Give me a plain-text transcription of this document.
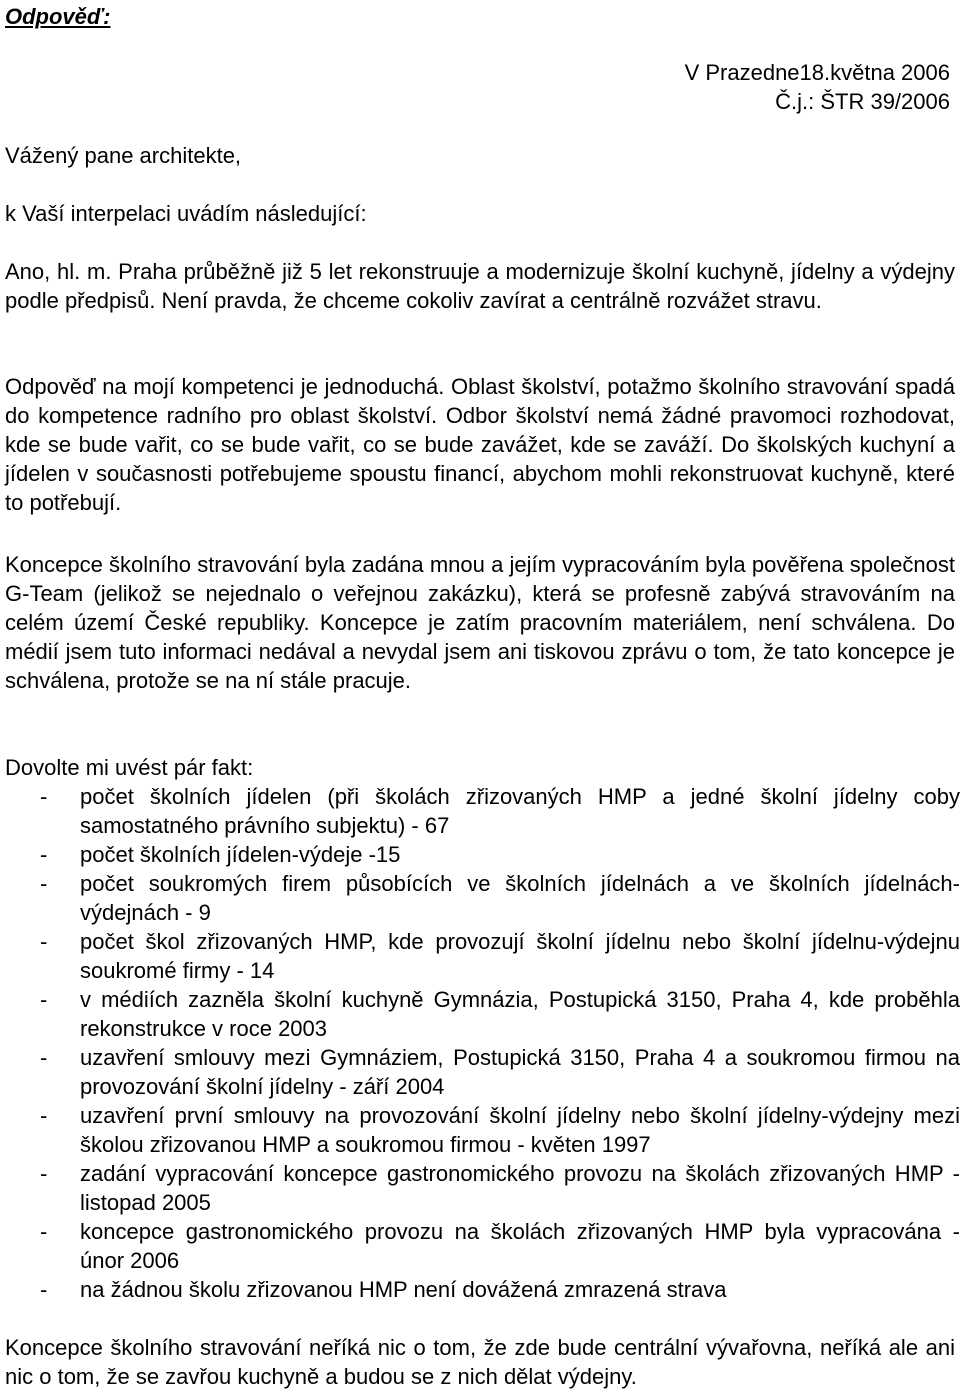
Odpověď:
V Prazedne18.května 2006
Č.j.: ŠTR 39/2006

Vážený pane architekte,

k Vaší interpelaci uvádím následující:

Ano, hl. m. Praha průběžně již 5 let rekonstruuje a modernizuje školní kuchyně, jídelny a výdejny podle předpisů. Není pravda, že chceme cokoliv zavírat a centrálně rozvážet stravu.

Odpověď na mojí kompetenci je jednoduchá. Oblast školství, potažmo školního stravování spadá do kompetence radního pro oblast školství. Odbor školství nemá žádné pravomoci rozhodovat, kde se bude vařit, co se bude vařit, co se bude zavážet, kde se zaváží. Do školských kuchyní a jídelen v současnosti potřebujeme spoustu financí, abychom mohli rekonstruovat kuchyně, které to potřebují.

Koncepce školního stravování byla zadána mnou a jejím vypracováním byla pověřena společnost G-Team (jelikož se nejednalo o veřejnou zakázku), která se profesně zabývá stravováním na celém území České republiky. Koncepce je zatím pracovním materiálem, není schválena. Do médií jsem tuto informaci nedával a nevydal jsem ani tiskovou zprávu o tom, že tato koncepce je schválena, protože se na ní stále pracuje.

Dovolte mi uvést pár fakt:

- počet školních jídelen (při školách zřizovaných HMP a jedné školní jídelny coby samostatného právního subjektu) - 67
- počet školních jídelen-výdeje -15
- počet soukromých firem působících ve školních jídelnách a ve školních jídelnách-výdejnách - 9
- počet škol zřizovaných HMP, kde provozují školní jídelnu nebo školní jídelnu-výdejnu soukromé firmy - 14
- v médiích zazněla školní kuchyně Gymnázia, Postupická 3150, Praha 4, kde proběhla rekonstrukce v roce 2003
- uzavření smlouvy mezi Gymnáziem, Postupická 3150, Praha 4 a soukromou firmou na provozování školní jídelny - září 2004
- uzavření první smlouvy na provozování školní jídelny nebo školní jídelny-výdejny mezi školou zřizovanou HMP a soukromou firmou - květen 1997
- zadání vypracování koncepce gastronomického provozu na školách zřizovaných HMP - listopad 2005
- koncepce gastronomického provozu na školách zřizovaných HMP byla vypracována - únor 2006
- na žádnou školu zřizovanou HMP není dovážená zmrazená strava

Koncepce školního stravování neříká nic o tom, že zde bude centrální vývařovna, neříká ale ani nic o tom, že se zavřou kuchyně a budou se z nich dělat výdejny.
